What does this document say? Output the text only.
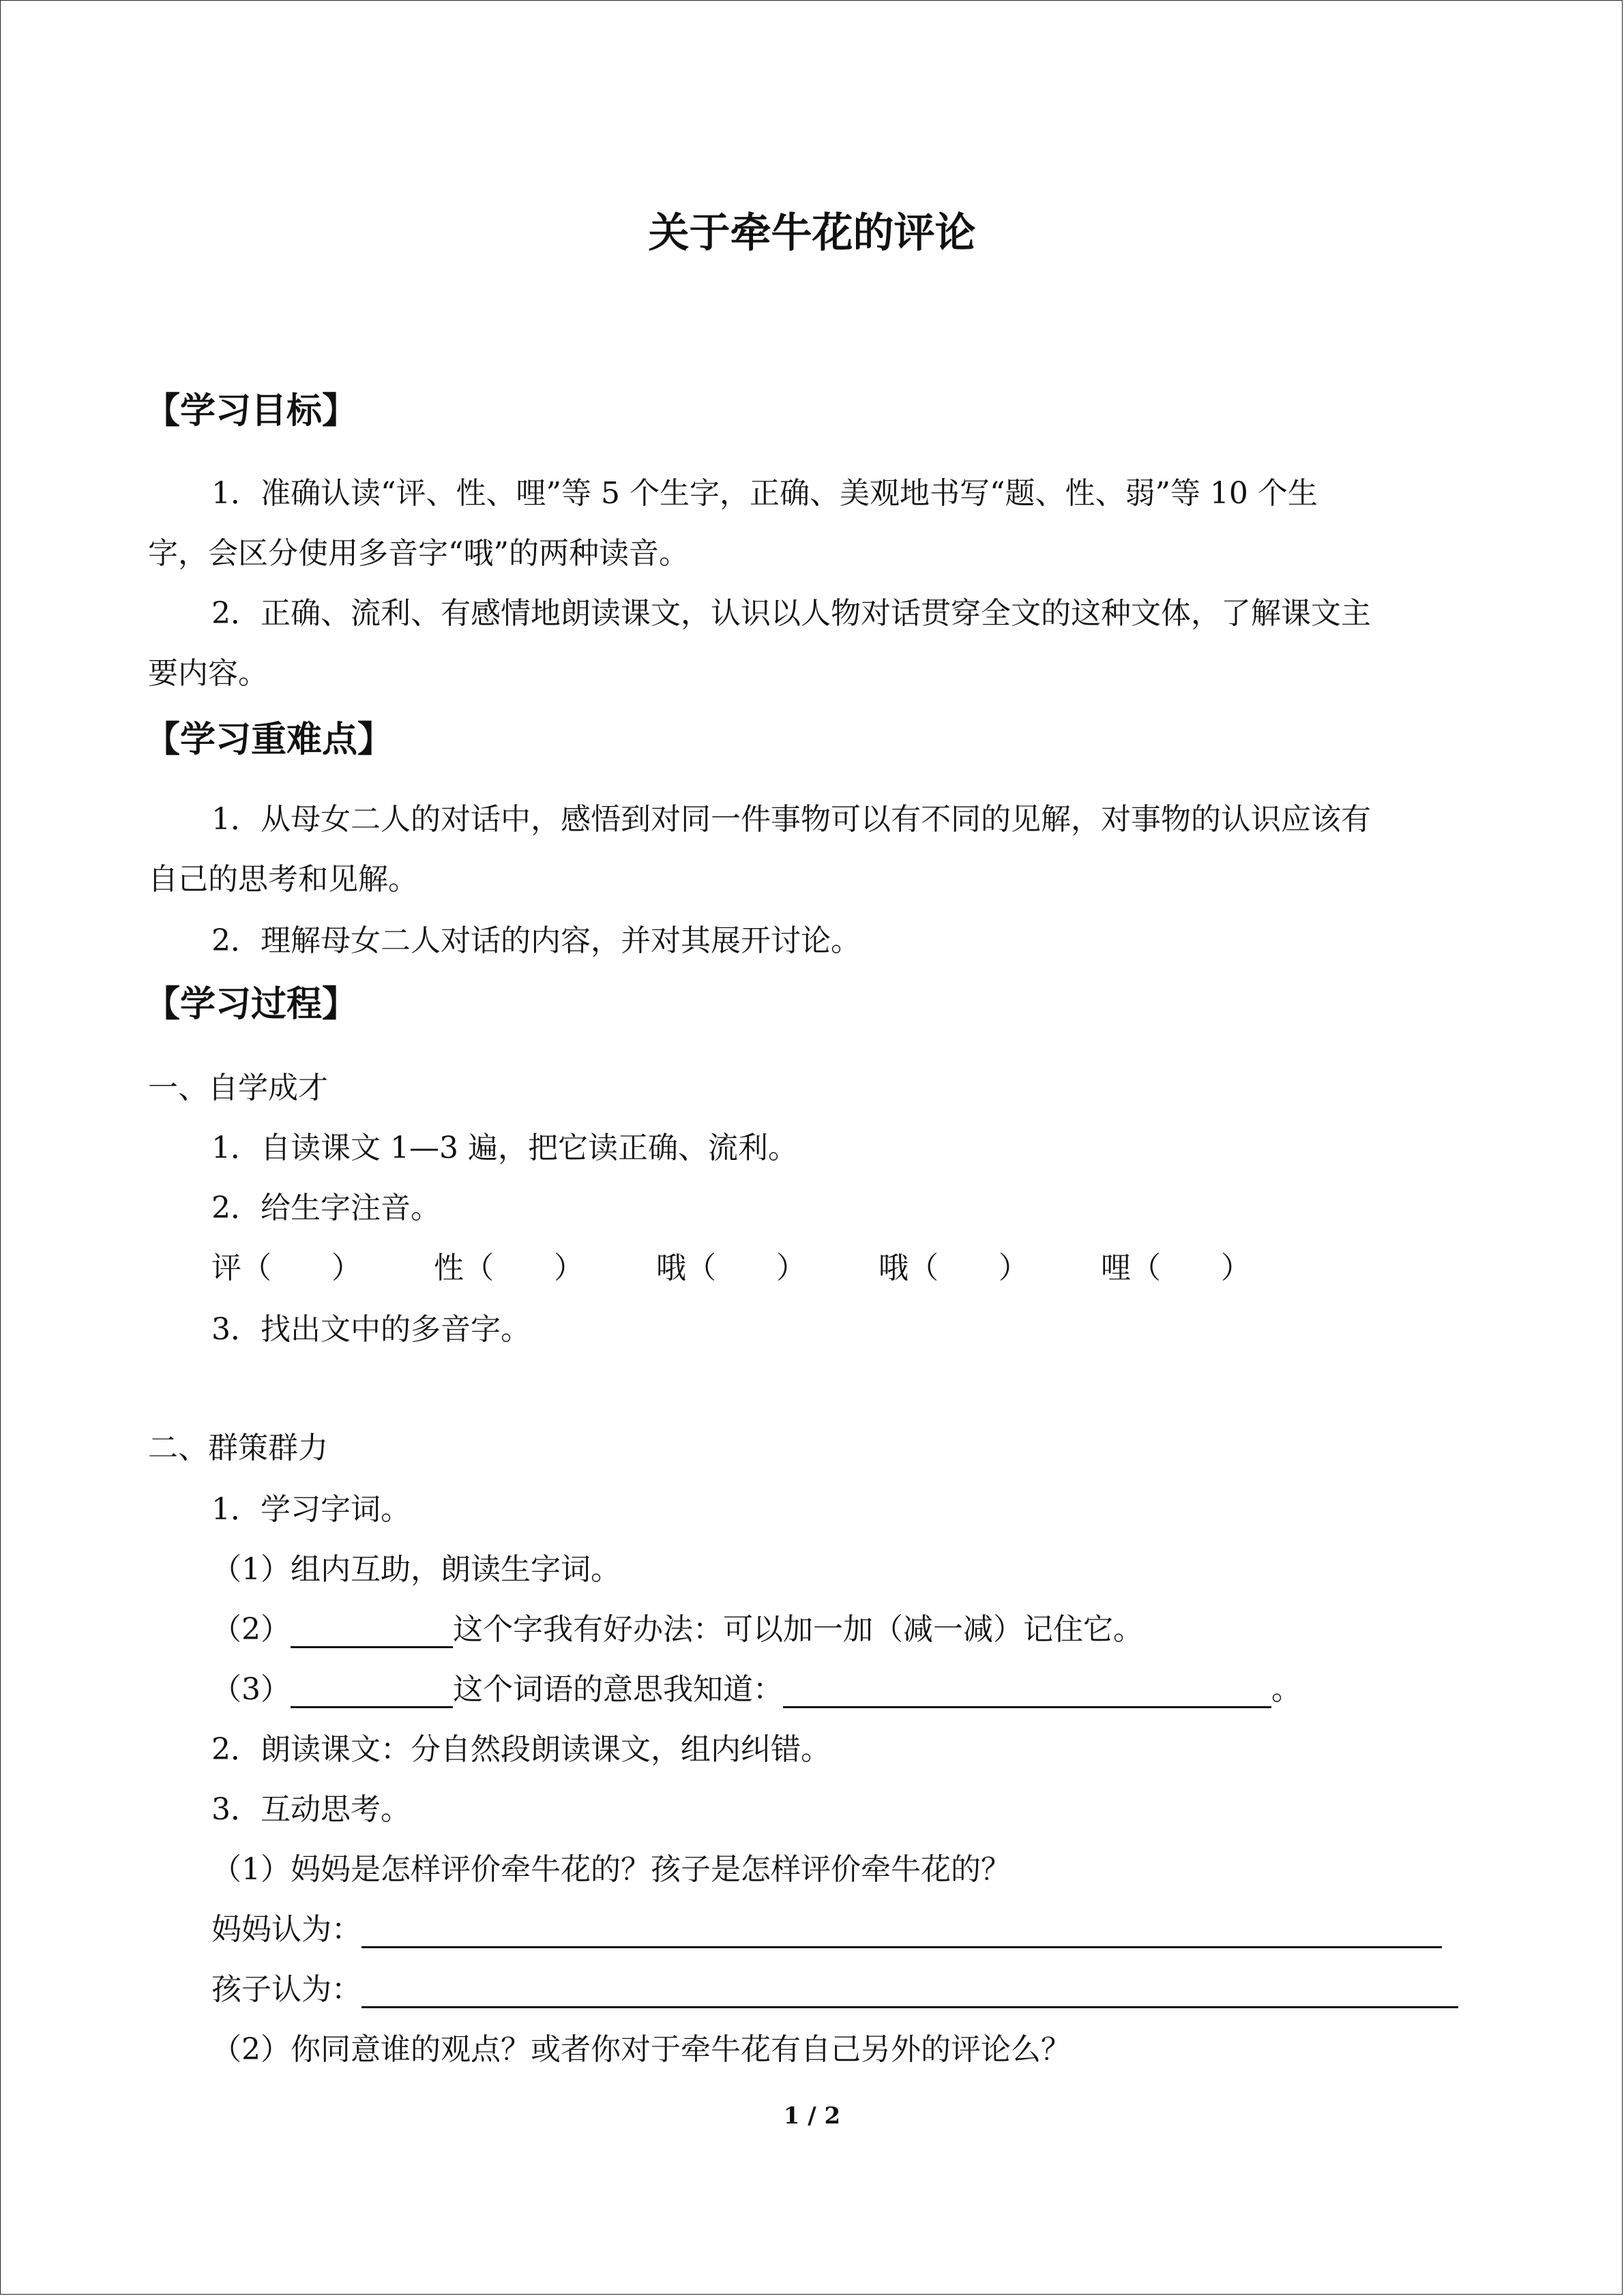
关于牵牛花的评论
【学习目标】
1．准确认读“评、性、哩”等 5 个生字，正确、美观地书写“题、性、弱”等 10 个生
字，会区分使用多音字“哦”的两种读音。
2．正确、流利、有感情地朗读课文，认识以人物对话贯穿全文的这种文体，了解课文主
要内容。
【学习重难点】
1．从母女二人的对话中，感悟到对同一件事物可以有不同的见解，对事物的认识应该有
自己的思考和见解。
2．理解母女二人对话的内容，并对其展开讨论。
【学习过程】
一、自学成才
1．自读课文 1—3 遍，把它读正确、流利。
2．给生字注音。
评（　　） 性（　　） 哦（　　） 哦（　　） 哩（　　）
3．找出文中的多音字。
二、群策群力
1．学习字词。
（1）组内互助，朗读生字词。
（2）	这个字我有好办法：可以加一加（减一减）记住它。
（3）	这个词语的意思我知道：	。
2．朗读课文：分自然段朗读课文，组内纠错。
3．互动思考。
（1）妈妈是怎样评价牵牛花的？孩子是怎样评价牵牛花的？
妈妈认为：
孩子认为：
（2）你同意谁的观点？或者你对于牵牛花有自己另外的评论么？
1 / 2
